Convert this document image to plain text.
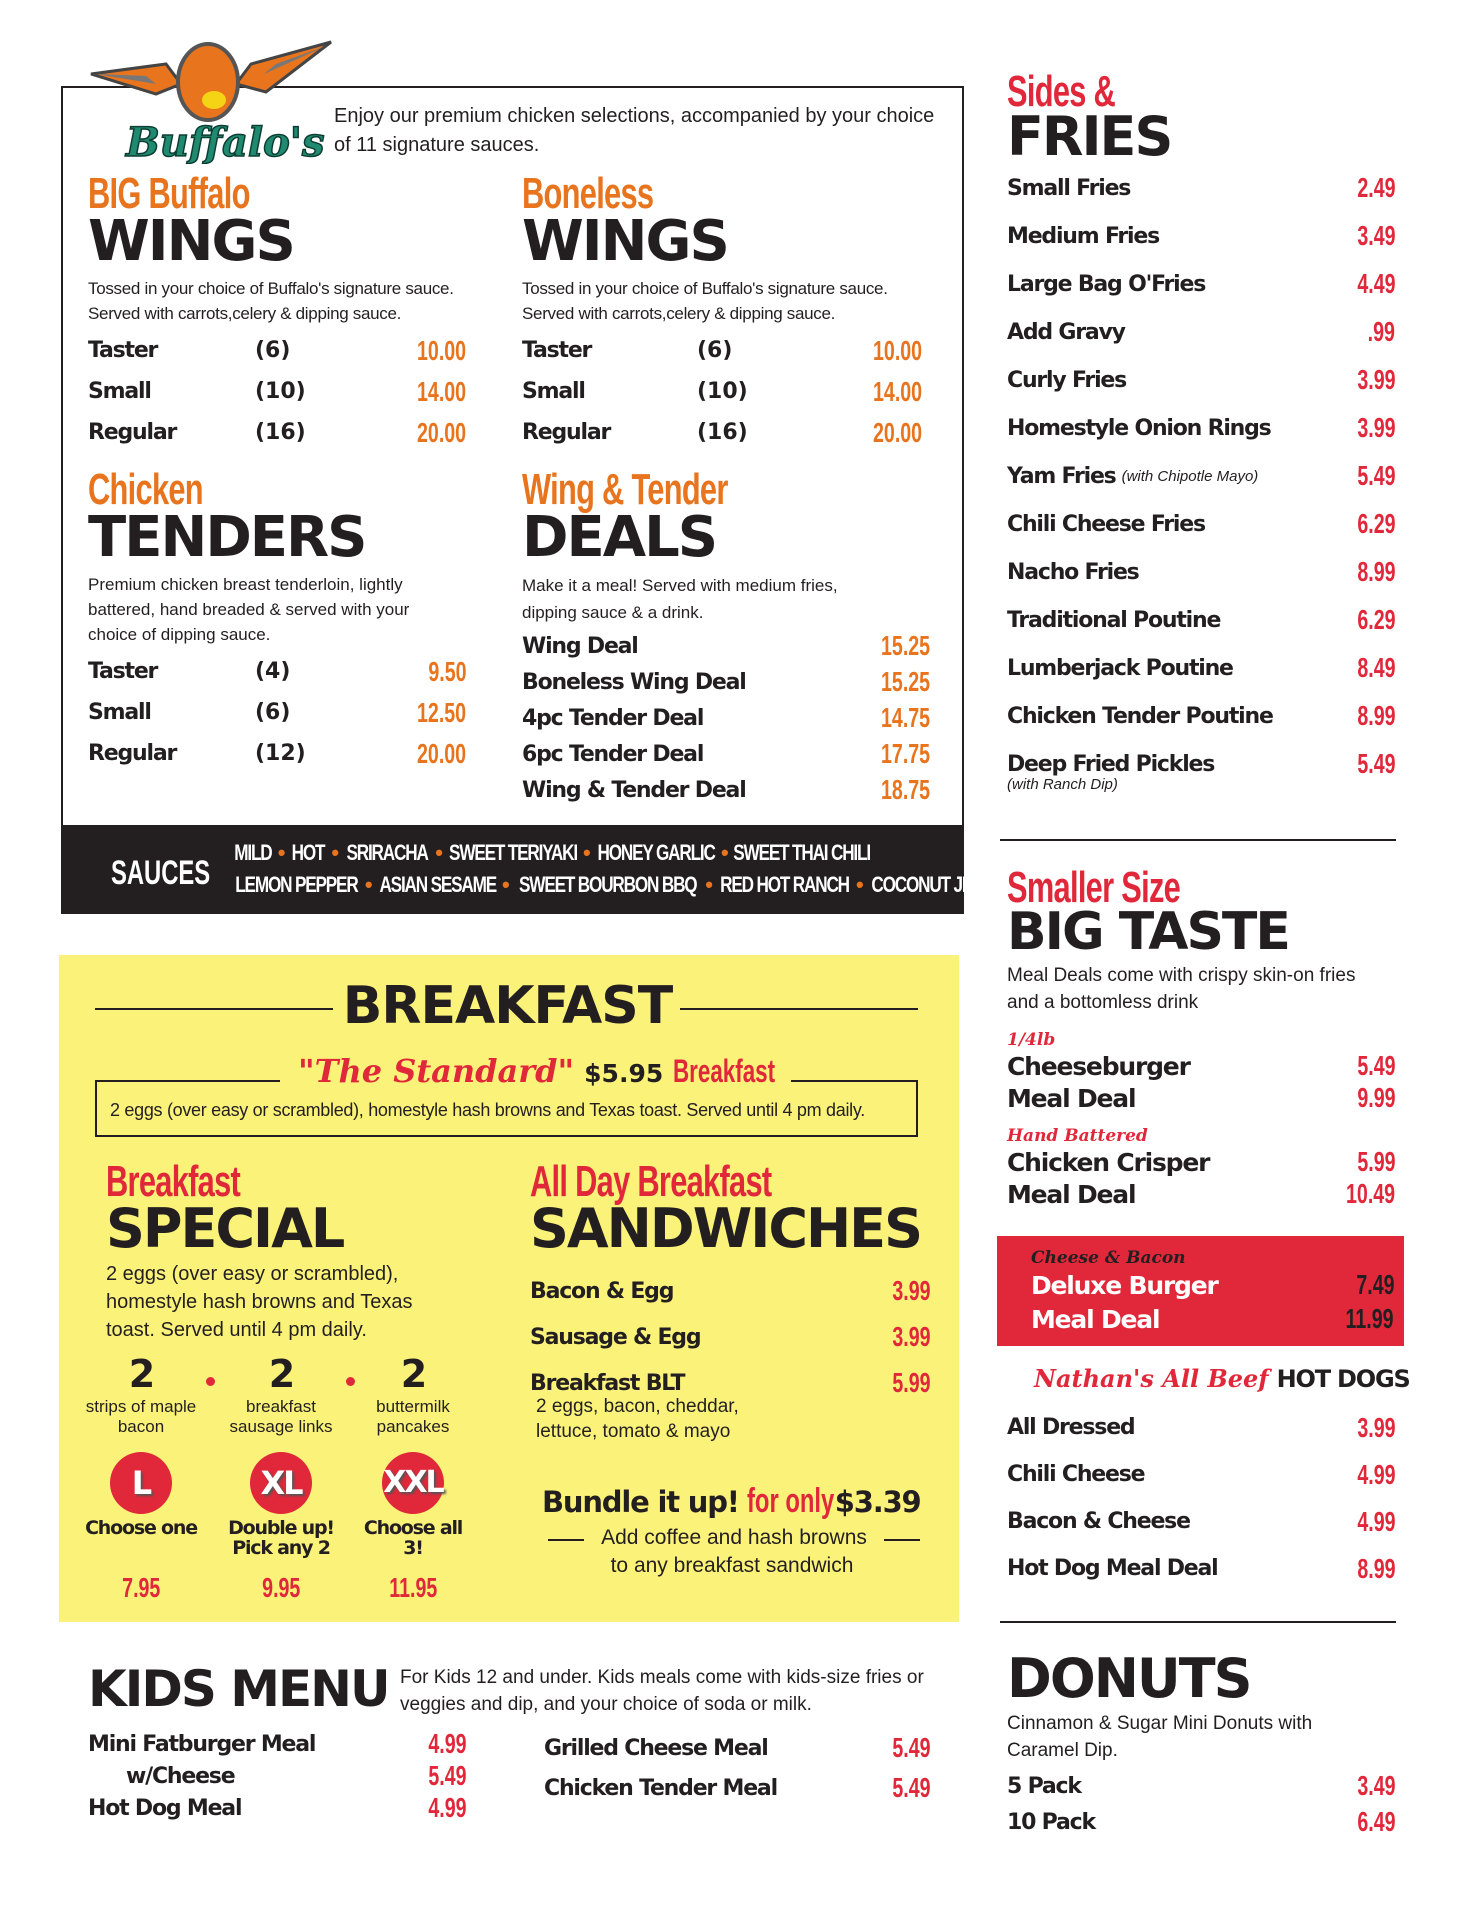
Buffalo's
Enjoy our premium chicken selections, accompanied by your choice of 11 signature sauces.
BIG Buffalo
WINGS
Tossed in your choice of Buffalo's signature sauce. Served with carrots,celery & dipping sauce.
Taster	(6)	10.00
Small	(10)	14.00
Regular	(16)	20.00
Boneless
WINGS
Tossed in your choice of Buffalo's signature sauce. Served with carrots,celery & dipping sauce.
Taster	(6)	10.00
Small	(10)	14.00
Regular	(16)	20.00
Chicken
TENDERS
Premium chicken breast tenderloin, lightly battered, hand breaded & served with your choice of dipping sauce.
Taster	(4)	9.50
Small	(6)	12.50
Regular	(12)	20.00
Wing & Tender
DEALS
Make it a meal! Served with medium fries, dipping sauce & a drink.
Wing Deal	15.25
Boneless Wing Deal	15.25
4pc Tender Deal	14.75
6pc Tender Deal	17.75
Wing & Tender Deal	18.75
SAUCES
MILD • HOT • SRIRACHA • SWEET TERIYAKI • HONEY GARLIC • SWEET THAI CHILI
LEMON PEPPER • ASIAN SESAME • SWEET BOURBON BBQ • RED HOT RANCH • COCONUT JERK
BREAKFAST
"The Standard" $5.95 Breakfast
2 eggs (over easy or scrambled), homestyle hash browns and Texas toast. Served until 4 pm daily.
Breakfast
SPECIAL
2 eggs (over easy or scrambled), homestyle hash browns and Texas toast. Served until 4 pm daily.
2
strips of maple bacon
2
breakfast sausage links
2
buttermilk pancakes
L
Choose one
7.95
XL
Double up! Pick any 2
9.95
XXL
Choose all 3!
11.95
All Day Breakfast
SANDWICHES
Bacon & Egg	3.99
Sausage & Egg	3.99
Breakfast BLT	5.99
2 eggs, bacon, cheddar, lettuce, tomato & mayo
Bundle it up! for only $3.39
Add coffee and hash browns
to any breakfast sandwich
KIDS MENU For Kids 12 and under. Kids meals come with kids-size fries or veggies and dip, and your choice of soda or milk.
Mini Fatburger Meal	4.99
w/Cheese	5.49
Hot Dog Meal	4.99
Grilled Cheese Meal	5.49
Chicken Tender Meal	5.49
Sides &
FRIES
Small Fries	2.49
Medium Fries	3.49
Large Bag O'Fries	4.49
Add Gravy	.99
Curly Fries	3.99
Homestyle Onion Rings	3.99
Yam Fries (with Chipotle Mayo)	5.49
Chili Cheese Fries	6.29
Nacho Fries	8.99
Traditional Poutine	6.29
Lumberjack Poutine	8.49
Chicken Tender Poutine	8.99
Deep Fried Pickles	5.49
(with Ranch Dip)
Smaller Size
BIG TASTE
Meal Deals come with crispy skin-on fries and a bottomless drink
1/4lb
Cheeseburger	5.49
Meal Deal	9.99
Hand Battered
Chicken Crisper	5.99
Meal Deal	10.49
Cheese & Bacon
Deluxe Burger	7.49
Meal Deal	11.99
Nathan's All Beef HOT DOGS
All Dressed	3.99
Chili Cheese	4.99
Bacon & Cheese	4.99
Hot Dog Meal Deal	8.99
DONUTS
Cinnamon & Sugar Mini Donuts with Caramel Dip.
5 Pack	3.49
10 Pack	6.49
